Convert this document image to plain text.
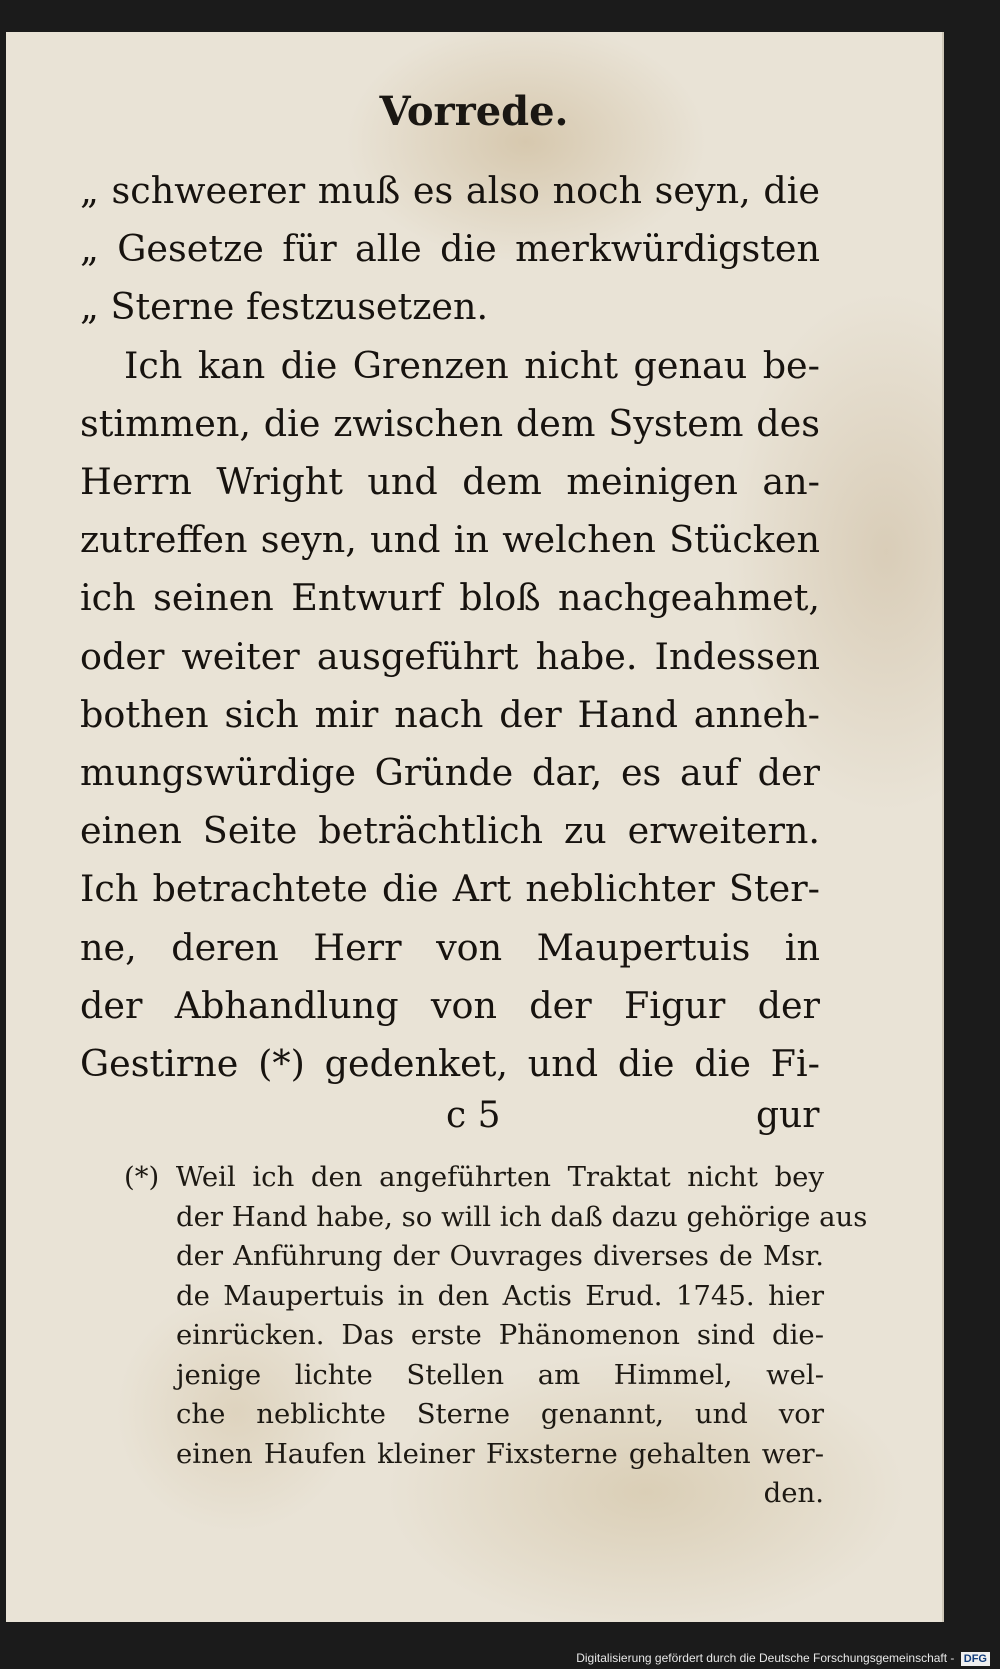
Vorrede.
„ schweerer muß es also noch seyn, die
„ Gesetze für alle die merkwürdigsten
„ Sterne festzusetzen.
Ich kan die Grenzen nicht genau be-
stimmen, die zwischen dem System des
Herrn Wright und dem meinigen an-
zutreffen seyn, und in welchen Stücken
ich seinen Entwurf bloß nachgeahmet,
oder weiter ausgeführt habe. Indessen
bothen sich mir nach der Hand anneh-
mungswürdige Gründe dar, es auf der
einen Seite beträchtlich zu erweitern.
Ich betrachtete die Art neblichter Ster-
ne, deren Herr von Maupertuis in
der Abhandlung von der Figur der
Gestirne (*) gedenket, und die die Fi-
c 5	gur
(*) Weil ich den angeführten Traktat nicht bey
der Hand habe, so will ich daß dazu gehörige aus
der Anführung der Ouvrages diverses de Msr.
de Maupertuis in den Actis Erud. 1745. hier
einrücken. Das erste Phänomenon sind die-
jenige lichte Stellen am Himmel, wel-
che neblichte Sterne genannt, und vor
einen Haufen kleiner Fixsterne gehalten wer-
den.
Digitalisierung gefördert durch die Deutsche Forschungsgemeinschaft - DFG
